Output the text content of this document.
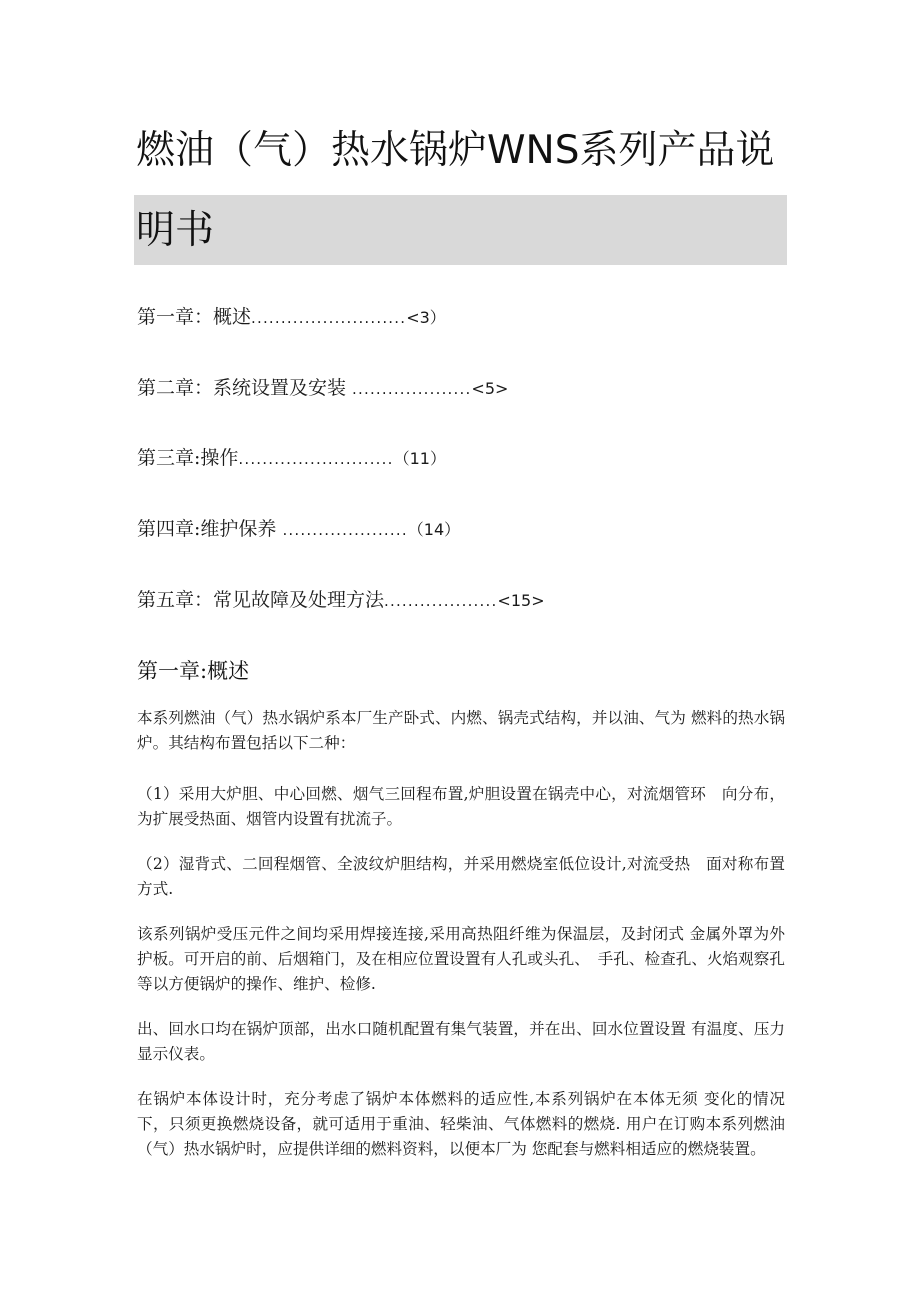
燃油（气）热水锅炉WNS系列产品说
明书
第一章：概述..........................<3）
第二章：系统设置及安装 ....................<5>
第三章:操作..........................（11）
第四章:维护保养 .....................（14）
第五章：常见故障及处理方法...................<15>
第一章:概述

本系列燃油（气）热水锅炉系本厂生产卧式、内燃、锅壳式结构，并以油、气为 燃料的热水锅炉。其结构布置包括以下二种：

（1）采用大炉胆、中心回燃、烟气三回程布置,炉胆设置在锅壳中心，对流烟管环　向分布，为扩展受热面、烟管内设置有扰流子。

（2）湿背式、二回程烟管、全波纹炉胆结构，并采用燃烧室低位设计,对流受热　面对称布置方式.

该系列锅炉受压元件之间均采用焊接连接,采用高热阻纤维为保温层，及封闭式 金属外罩为外护板。可开启的前、后烟箱门，及在相应位置设置有人孔或头孔、　手孔、检查孔、火焰观察孔等以方便锅炉的操作、维护、检修.

出、回水口均在锅炉顶部，出水口随机配置有集气装置，并在出、回水位置设置 有温度、压力显示仪表。

在锅炉本体设计时，充分考虑了锅炉本体燃料的适应性,本系列锅炉在本体无须 变化的情况下，只须更换燃烧设备，就可适用于重油、轻柴油、气体燃料的燃烧. 用户在订购本系列燃油（气）热水锅炉时，应提供详细的燃料资料，以便本厂为 您配套与燃料相适应的燃烧装置。
